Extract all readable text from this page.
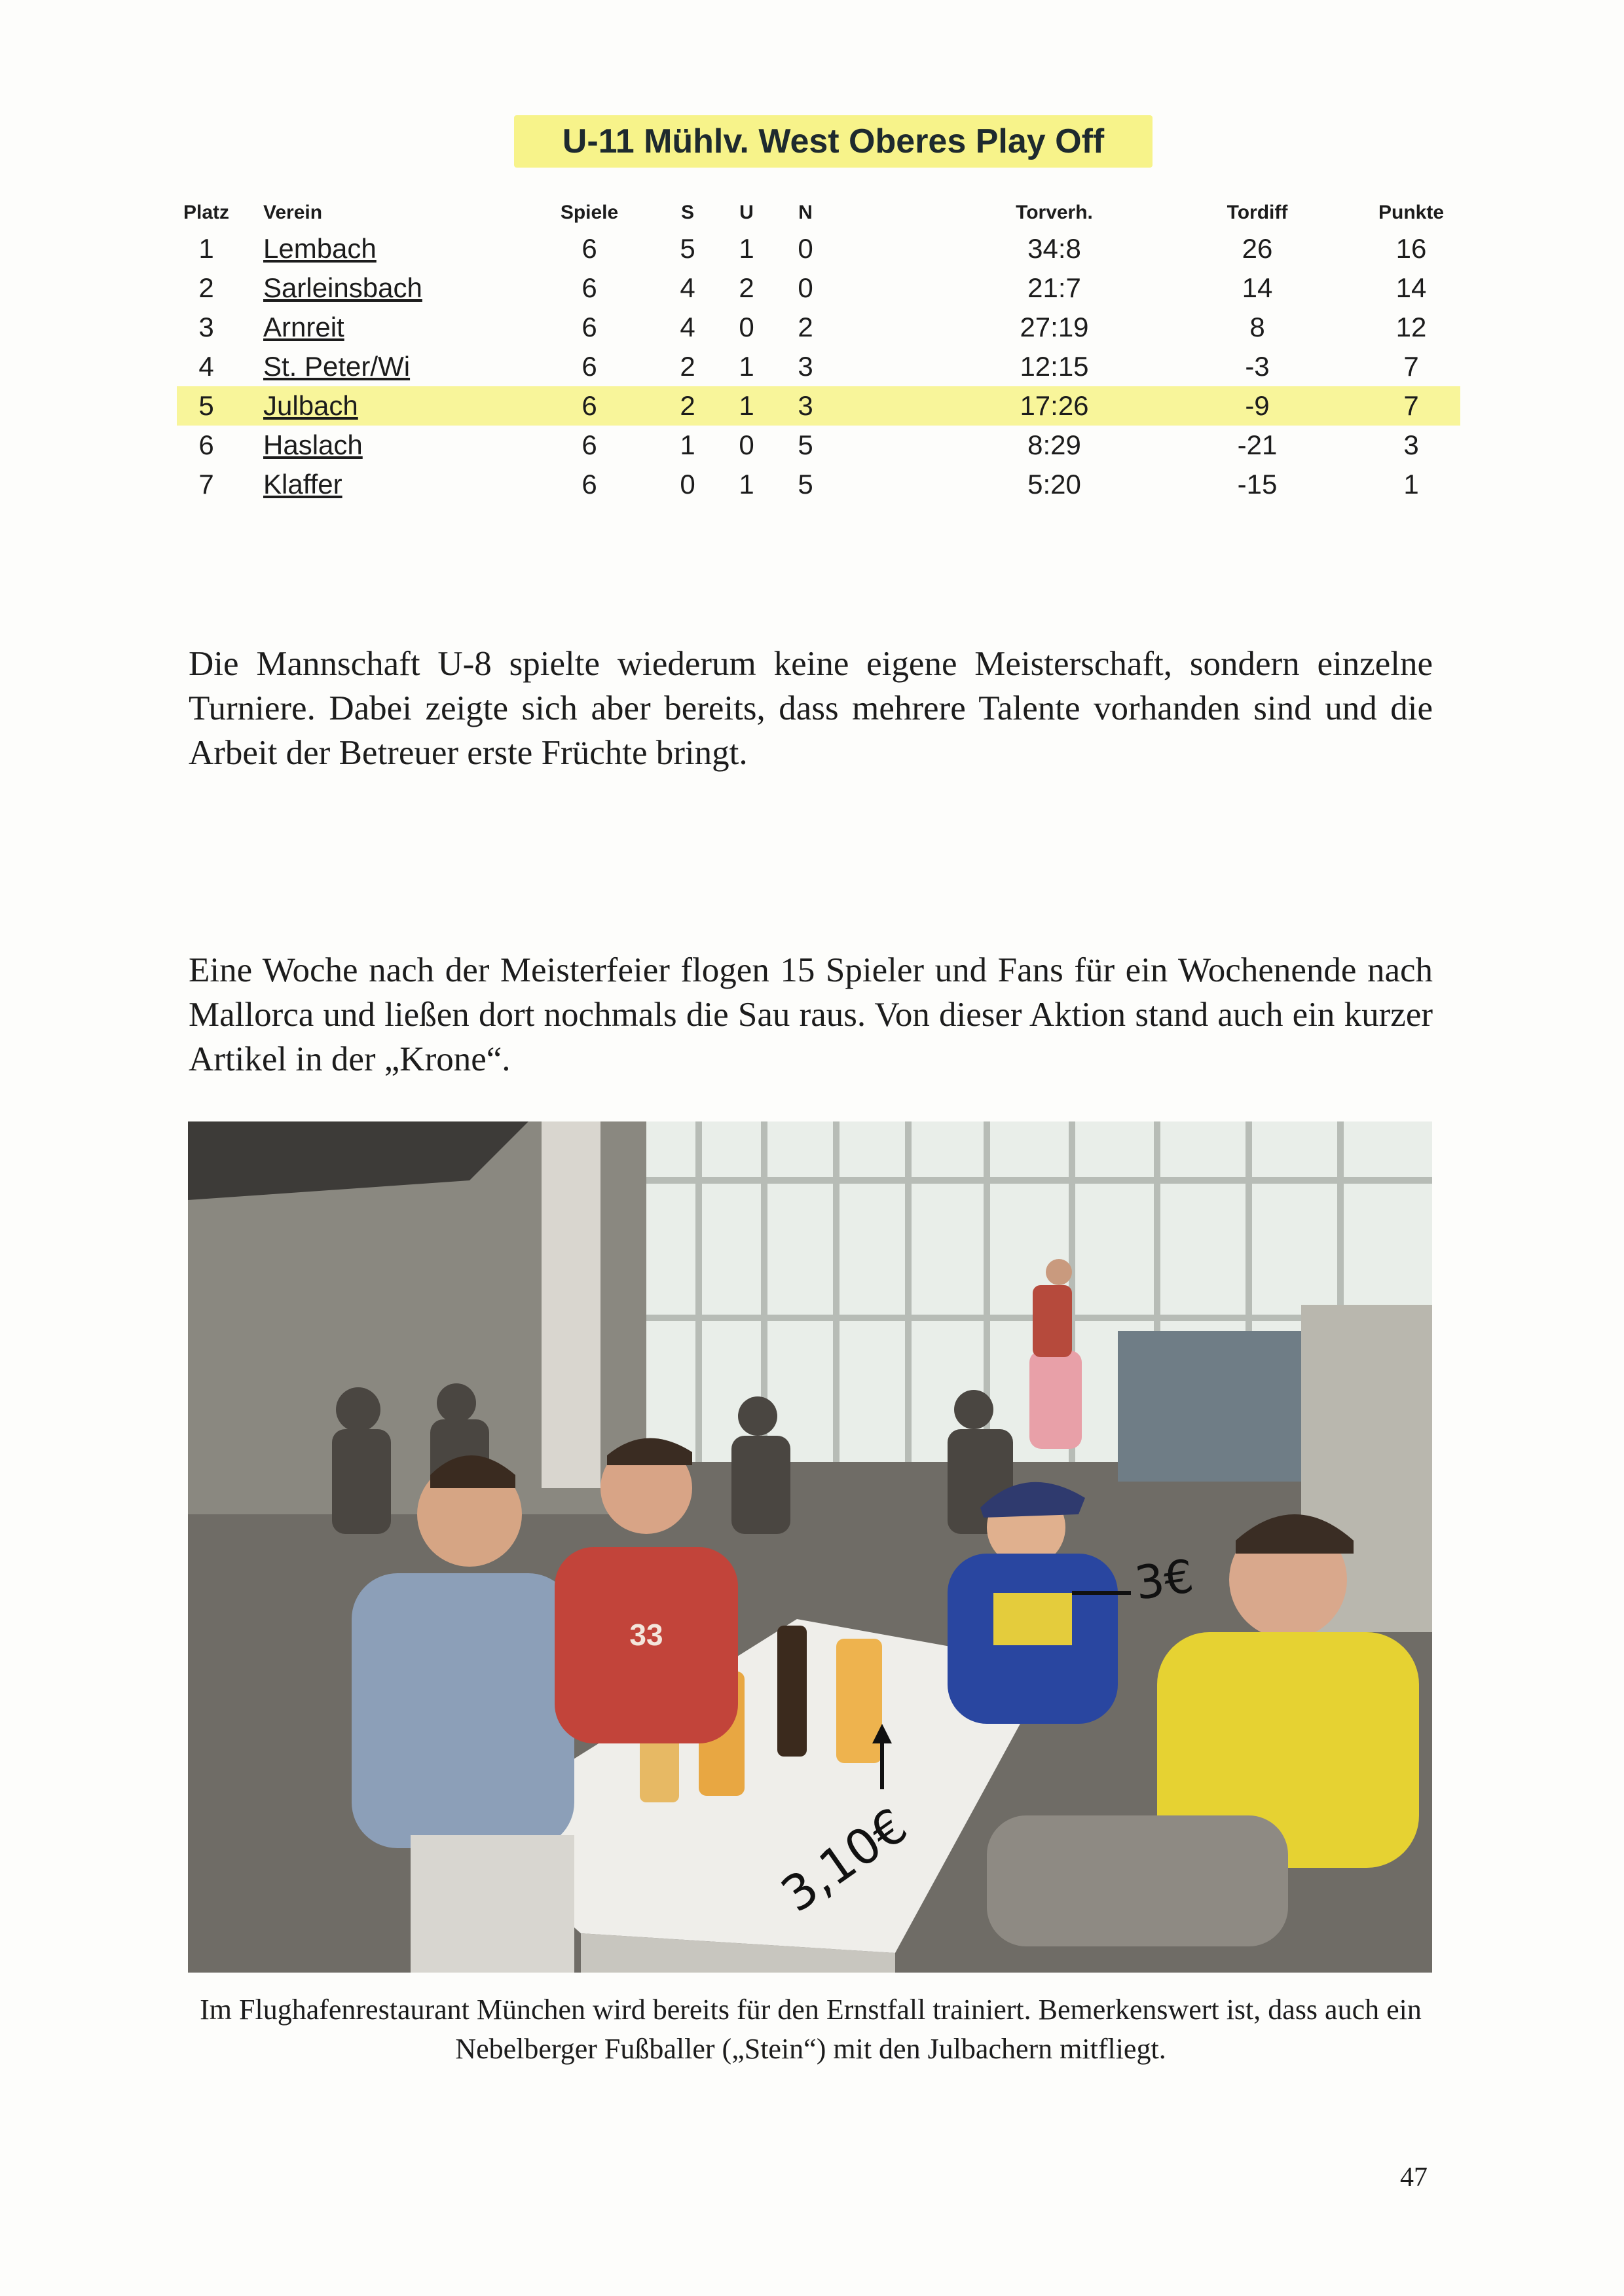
U-11 Mühlv. West Oberes Play Off
Platz	Verein	Spiele	S	U	N	Torverh.	Tordiff	Punkte
1	Lembach	6	5	1	0	34:8	26	16
2	Sarleinsbach	6	4	2	0	21:7	14	14
3	Arnreit	6	4	0	2	27:19	8	12
4	St. Peter/Wi	6	2	1	3	12:15	-3	7
5	Julbach	6	2	1	3	17:26	-9	7
6	Haslach	6	1	0	5	8:29	-21	3
7	Klaffer	6	0	1	5	5:20	-15	1

Die Mannschaft U-8 spielte wiederum keine eigene Meisterschaft, sondern einzelne Turniere. Dabei zeigte sich aber bereits, dass mehrere Talente vorhanden sind und die Arbeit der Betreuer erste Früchte bringt.

Eine Woche nach der Meisterfeier flogen 15 Spieler und Fans für ein Wochenende nach Mallorca und ließen dort nochmals die Sau raus. Von dieser Aktion stand auch ein kurzer Artikel in der „Krone“.

33
3€
3,10€

Im Flughafenrestaurant München wird bereits für den Ernstfall trainiert. Bemerkenswert ist, dass auch ein Nebelberger Fußballer („Stein“) mit den Julbachern mitfliegt.

47
